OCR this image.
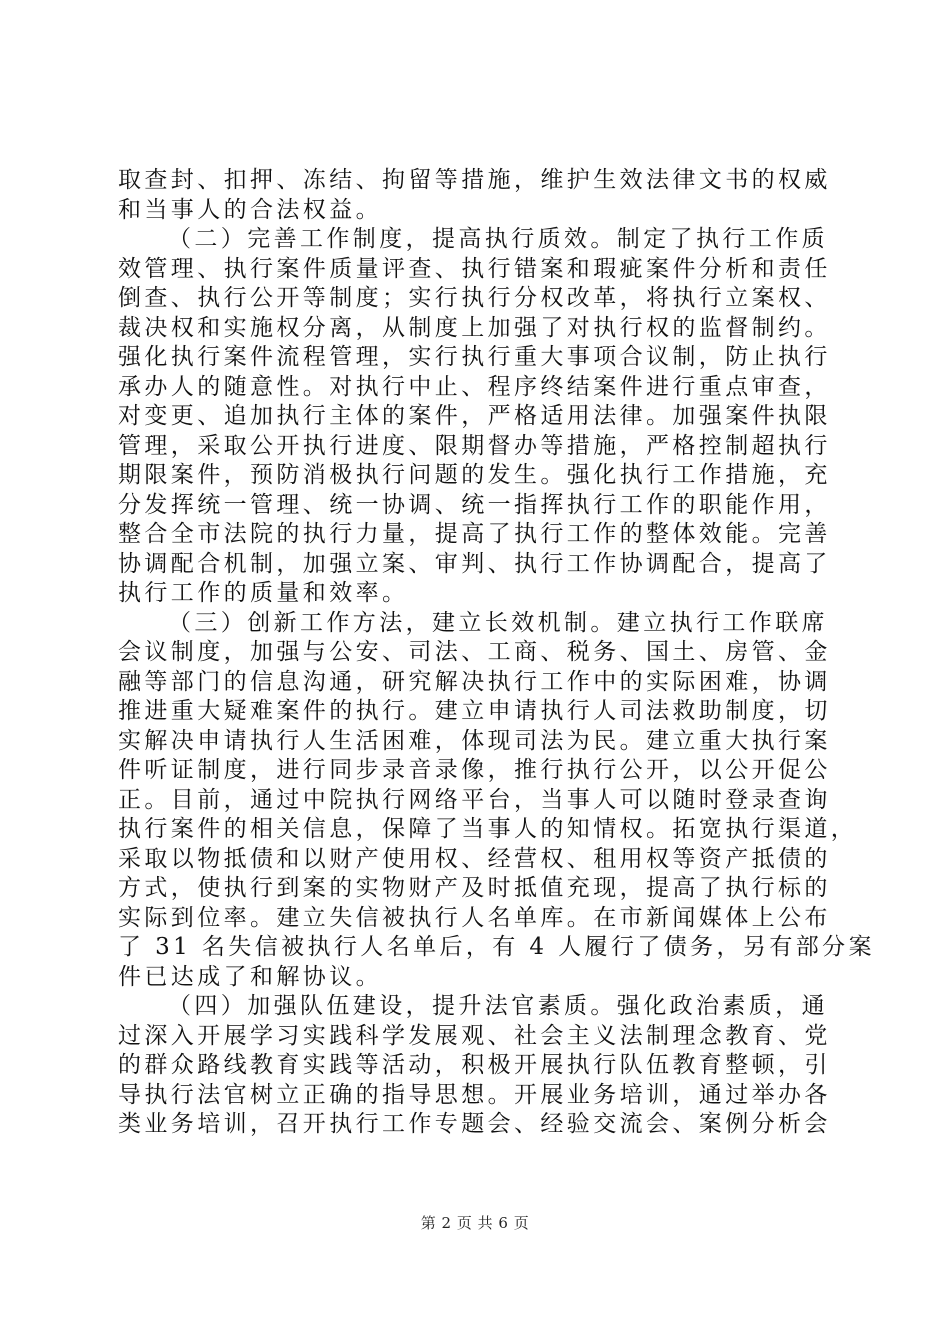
取查封、扣押、冻结、拘留等措施，维护生效法律文书的权威
和当事人的合法权益。
（二）完善工作制度，提高执行质效。制定了执行工作质
效管理、执行案件质量评查、执行错案和瑕疵案件分析和责任
倒查、执行公开等制度；实行执行分权改革，将执行立案权、
裁决权和实施权分离，从制度上加强了对执行权的监督制约。
强化执行案件流程管理，实行执行重大事项合议制，防止执行
承办人的随意性。对执行中止、程序终结案件进行重点审查，
对变更、追加执行主体的案件，严格适用法律。加强案件执限
管理，采取公开执行进度、限期督办等措施，严格控制超执行
期限案件，预防消极执行问题的发生。强化执行工作措施，充
分发挥统一管理、统一协调、统一指挥执行工作的职能作用，
整合全市法院的执行力量，提高了执行工作的整体效能。完善
协调配合机制，加强立案、审判、执行工作协调配合，提高了
执行工作的质量和效率。
（三）创新工作方法，建立长效机制。建立执行工作联席
会议制度，加强与公安、司法、工商、税务、国土、房管、金
融等部门的信息沟通，研究解决执行工作中的实际困难，协调
推进重大疑难案件的执行。建立申请执行人司法救助制度，切
实解决申请执行人生活困难，体现司法为民。建立重大执行案
件听证制度，进行同步录音录像，推行执行公开，以公开促公
正。目前，通过中院执行网络平台，当事人可以随时登录查询
执行案件的相关信息，保障了当事人的知情权。拓宽执行渠道，
采取以物抵债和以财产使用权、经营权、租用权等资产抵债的
方式，使执行到案的实物财产及时抵值充现，提高了执行标的
实际到位率。建立失信被执行人名单库。在市新闻媒体上公布
了 31 名失信被执行人名单后，有 4 人履行了债务，另有部分案
件已达成了和解协议。
（四）加强队伍建设，提升法官素质。强化政治素质，通
过深入开展学习实践科学发展观、社会主义法制理念教育、党
的群众路线教育实践等活动，积极开展执行队伍教育整顿，引
导执行法官树立正确的指导思想。开展业务培训，通过举办各
类业务培训，召开执行工作专题会、经验交流会、案例分析会
第 2 页 共 6 页
